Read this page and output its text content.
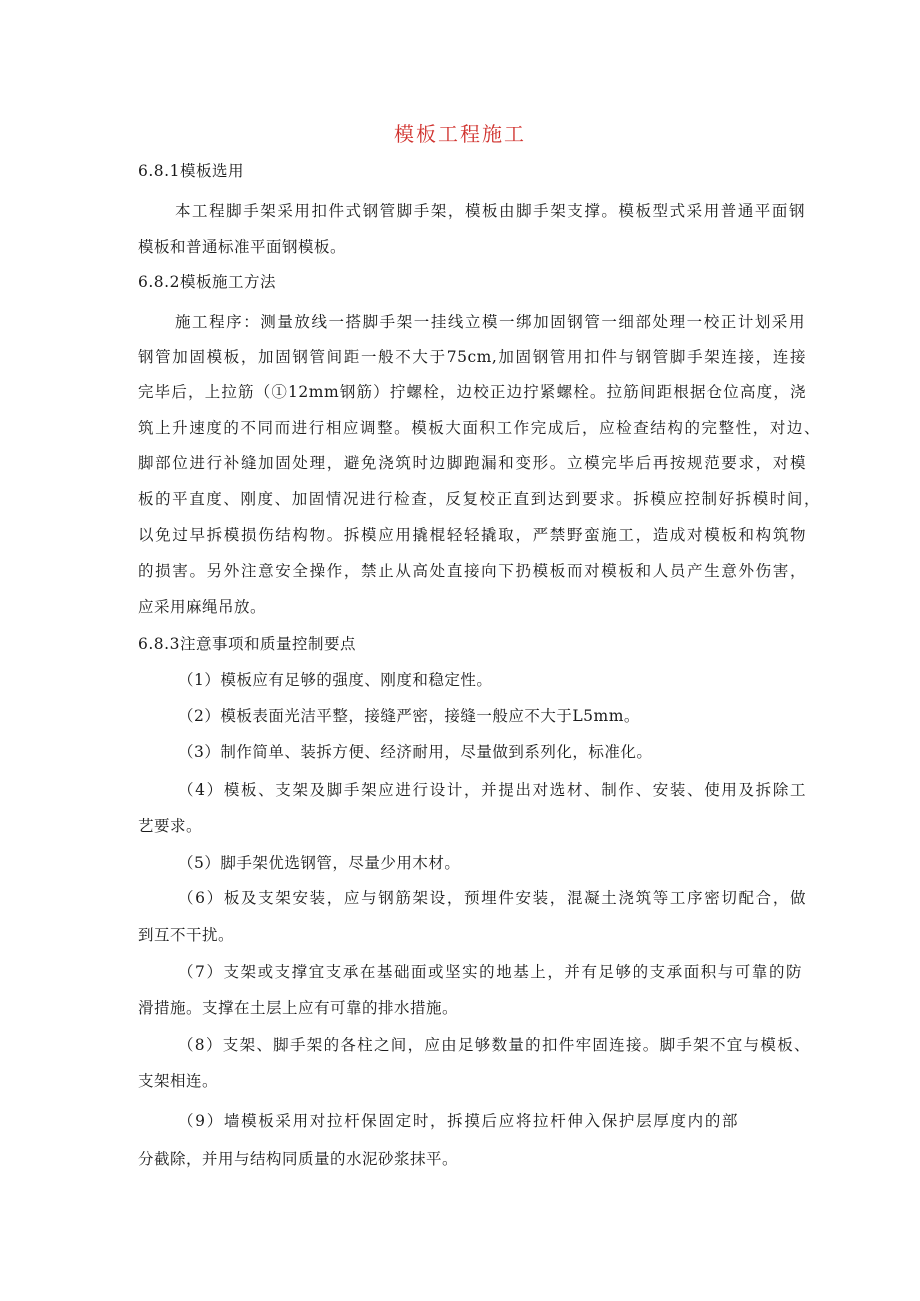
模板工程施工
6.8.1模板选用
本工程脚手架采用扣件式钢管脚手架，模板由脚手架支撑。模板型式采用普通平面钢
模板和普通标准平面钢模板。
6.8.2模板施工方法
施工程序：测量放线一搭脚手架一挂线立模一绑加固钢管一细部处理一校正计划采用
钢管加固模板，加固钢管间距一般不大于75cm,加固钢管用扣件与钢管脚手架连接，连接
完毕后，上拉筋（①12mm钢筋）拧螺栓，边校正边拧紧螺栓。拉筋间距根据仓位高度，浇
筑上升速度的不同而进行相应调整。模板大面积工作完成后，应检查结构的完整性，对边、
脚部位进行补缝加固处理，避免浇筑时边脚跑漏和变形。立模完毕后再按规范要求，对模
板的平直度、刚度、加固情况进行检查，反复校正直到达到要求。拆模应控制好拆模时间，
以免过早拆模损伤结构物。拆模应用撬棍轻轻撬取，严禁野蛮施工，造成对模板和构筑物
的损害。另外注意安全操作，禁止从高处直接向下扔模板而对模板和人员产生意外伤害，
应采用麻绳吊放。
6.8.3注意事项和质量控制要点
（1）模板应有足够的强度、刚度和稳定性。
（2）模板表面光洁平整，接缝严密，接缝一般应不大于L5mm。
（3）制作简单、装拆方便、经济耐用，尽量做到系列化，标准化。
（4）模板、支架及脚手架应进行设计，并提出对选材、制作、安装、使用及拆除工
艺要求。
（5）脚手架优选钢管，尽量少用木材。
（6）板及支架安装，应与钢筋架设，预埋件安装，混凝土浇筑等工序密切配合，做
到互不干扰。
（7）支架或支撑宜支承在基础面或坚实的地基上，并有足够的支承面积与可靠的防
滑措施。支撑在土层上应有可靠的排水措施。
（8）支架、脚手架的各柱之间，应由足够数量的扣件牢固连接。脚手架不宜与模板、
支架相连。
（9）墙模板采用对拉杆保固定时，拆摸后应将拉杆伸入保护层厚度内的部
分截除，并用与结构同质量的水泥砂浆抹平。
